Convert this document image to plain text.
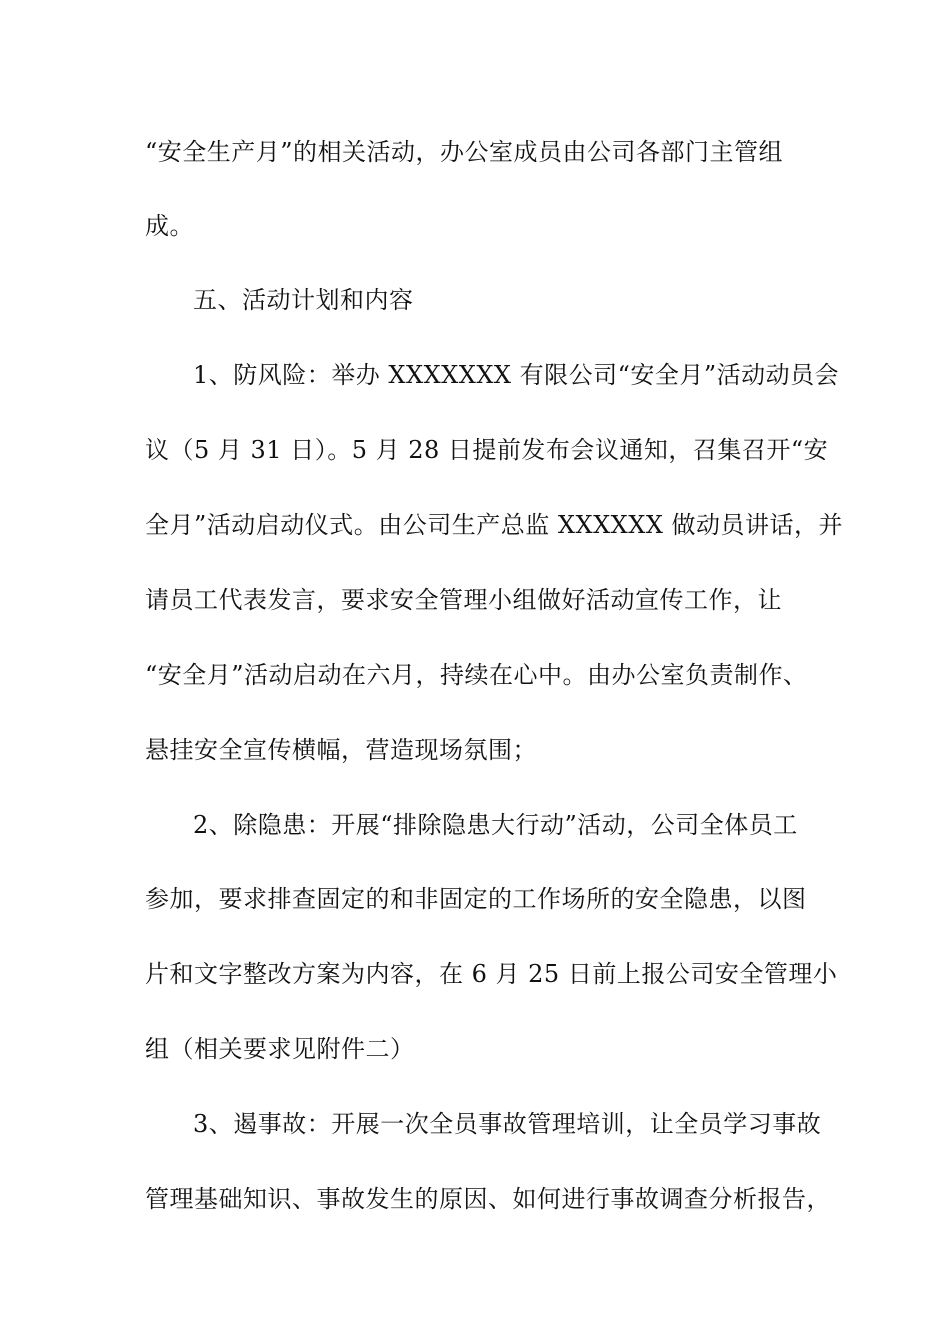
“安全生产月”的相关活动，办公室成员由公司各部门主管组
成。
五、活动计划和内容
1、防风险：举办 XXXXXXX 有限公司“安全月”活动动员会
议（5 月 31 日）。5 月 28 日提前发布会议通知，召集召开“安
全月”活动启动仪式。由公司生产总监 XXXXXX 做动员讲话，并
请员工代表发言，要求安全管理小组做好活动宣传工作，让
“安全月”活动启动在六月，持续在心中。由办公室负责制作、
悬挂安全宣传横幅，营造现场氛围；
2、除隐患：开展“排除隐患大行动”活动，公司全体员工
参加，要求排查固定的和非固定的工作场所的安全隐患，以图
片和文字整改方案为内容，在 6 月 25 日前上报公司安全管理小
组（相关要求见附件二）
3、遏事故：开展一次全员事故管理培训，让全员学习事故
管理基础知识、事故发生的原因、如何进行事故调查分析报告，
